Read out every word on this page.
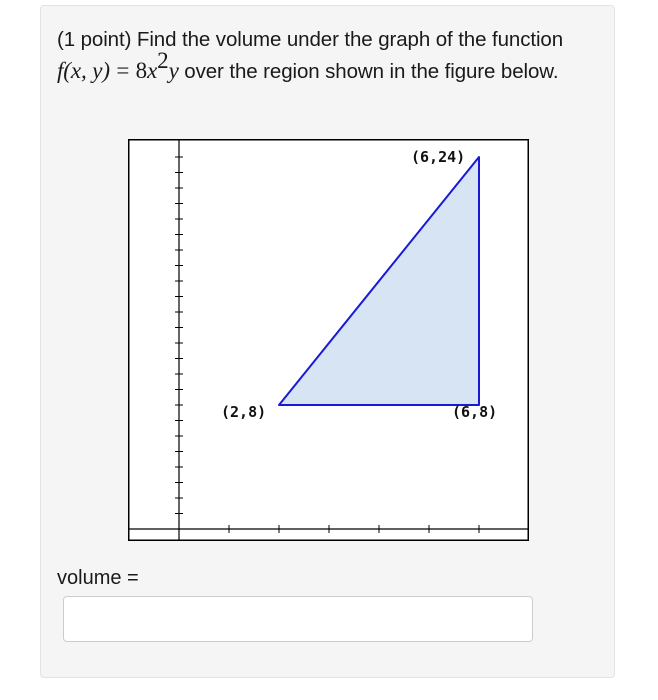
(1 point) Find the volume under the graph of the function f(x, $y) = 8x^2y$ over the region shown in the figure below.
(2,8)
(6,24)
(6,8)
volume =
